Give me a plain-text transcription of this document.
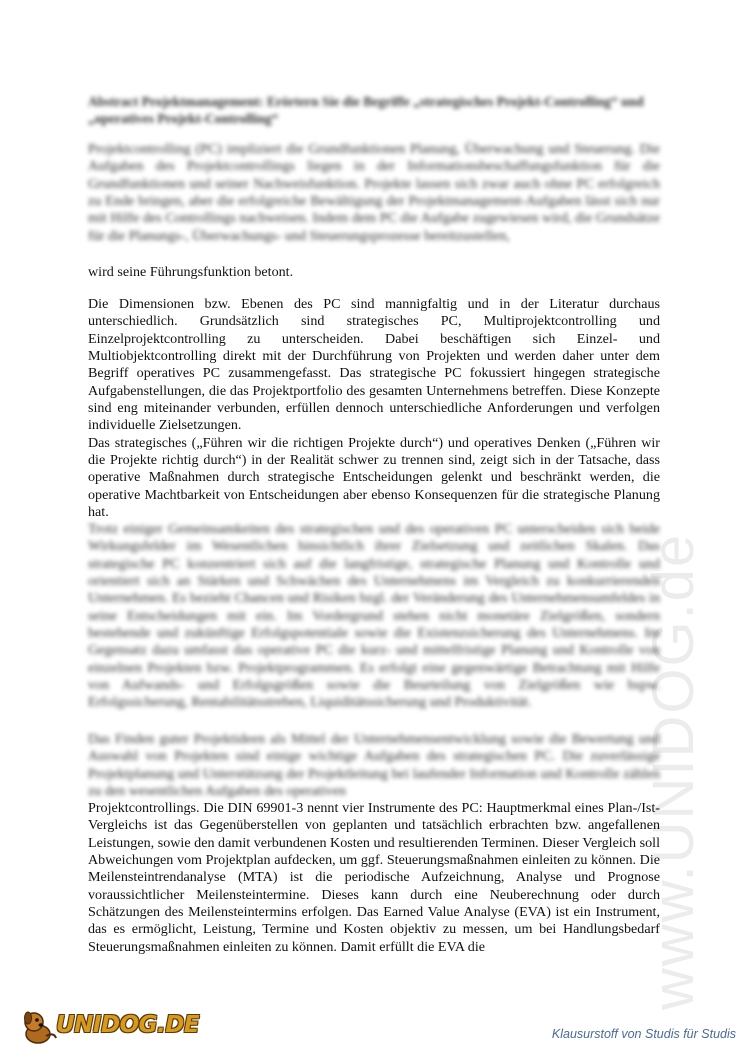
www.UNIDOG.de
Abstract Projektmanagement: Erörtern Sie die Begriffe „strategisches Projekt-Controlling“ und „operatives Projekt-Controlling“

Projektcontrolling (PC) impliziert die Grundfunktionen Planung, Überwachung und Steuerung. Die Aufgaben des Projektcontrollings liegen in der Informationsbeschaffungsfunktion für die Grundfunktionen und seiner Nachweisfunktion. Projekte lassen sich zwar auch ohne PC erfolgreich zu Ende bringen, aber die erfolgreiche Bewältigung der Projektmanagement-Aufgaben lässt sich nur mit Hilfe des Controllings nachweisen. Indem dem PC die Aufgabe zugewiesen wird, die Grundsätze für die Planungs-, Überwachungs- und Steuerungsprozesse bereitzustellen,

wird seine Führungsfunktion betont.

Die Dimensionen bzw. Ebenen des PC sind mannigfaltig und in der Literatur durchaus unterschiedlich. Grundsätzlich sind strategisches PC, Multiprojektcontrolling und Einzelprojektcontrolling zu unterscheiden. Dabei beschäftigen sich Einzel- und Multiobjektcontrolling direkt mit der Durchführung von Projekten und werden daher unter dem Begriff operatives PC zusammengefasst. Das strategische PC fokussiert hingegen strategische Aufgabenstellungen, die das Projektportfolio des gesamten Unternehmens betreffen. Diese Konzepte sind eng miteinander verbunden, erfüllen dennoch unterschiedliche Anforderungen und verfolgen individuelle Zielsetzungen.

Das strategisches („Führen wir die richtigen Projekte durch“) und operatives Denken („Führen wir die Projekte richtig durch“) in der Realität schwer zu trennen sind, zeigt sich in der Tatsache, dass operative Maßnahmen durch strategische Entscheidungen gelenkt und beschränkt werden, die operative Machtbarkeit von Entscheidungen aber ebenso Konsequenzen für die strategische Planung hat.

Trotz einiger Gemeinsamkeiten des strategischen und des operativen PC unterscheiden sich beide Wirkungsfelder im Wesentlichen hinsichtlich ihrer Zielsetzung und zeitlichen Skalen. Das strategische PC konzentriert sich auf die langfristige, strategische Planung und Kontrolle und orientiert sich an Stärken und Schwächen des Unternehmens im Vergleich zu konkurrierenden Unternehmen. Es bezieht Chancen und Risiken bzgl. der Veränderung des Unternehmensumfeldes in seine Entscheidungen mit ein. Im Vordergrund stehen nicht monetäre Zielgrößen, sondern bestehende und zukünftige Erfolgspotentiale sowie die Existenzsicherung des Unternehmens. Im Gegensatz dazu umfasst das operative PC die kurz- und mittelfristige Planung und Kontrolle von einzelnen Projekten bzw. Projektprogrammen. Es erfolgt eine gegenwärtige Betrachtung mit Hilfe von Aufwands- und Erfolgsgrößen sowie die Beurteilung von Zielgrößen wie bspw. Erfolgssicherung, Rentabilitätsstreben, Liquiditätssicherung und Produktivität.

Das Finden guter Projektideen als Mittel der Unternehmensentwicklung sowie die Bewertung und Auswahl von Projekten sind einige wichtige Aufgaben des strategischen PC. Die zuverlässige Projektplanung und Unterstützung der Projektleitung bei laufender Information und Kontrolle zählen zu den wesentlichen Aufgaben des operativen

Projektcontrollings. Die DIN 69901-3 nennt vier Instrumente des PC: Hauptmerkmal eines Plan-/Ist-Vergleichs ist das Gegenüberstellen von geplanten und tatsächlich erbrachten bzw. angefallenen Leistungen, sowie den damit verbundenen Kosten und resultierenden Terminen. Dieser Vergleich soll Abweichungen vom Projektplan aufdecken, um ggf. Steuerungsmaßnahmen einleiten zu können. Die Meilensteintrendanalyse (MTA) ist die periodische Aufzeichnung, Analyse und Prognose voraussichtlicher Meilensteintermine. Dieses kann durch eine Neuberechnung oder durch Schätzungen des Meilensteintermins erfolgen. Das Earned Value Analyse (EVA) ist ein Instrument, das es ermöglicht, Leistung, Termine und Kosten objektiv zu messen, um bei Handlungsbedarf Steuerungsmaßnahmen einleiten zu können. Damit erfüllt die EVA die

UNIDOG.DE	Klausurstoff von Studis für Studis
